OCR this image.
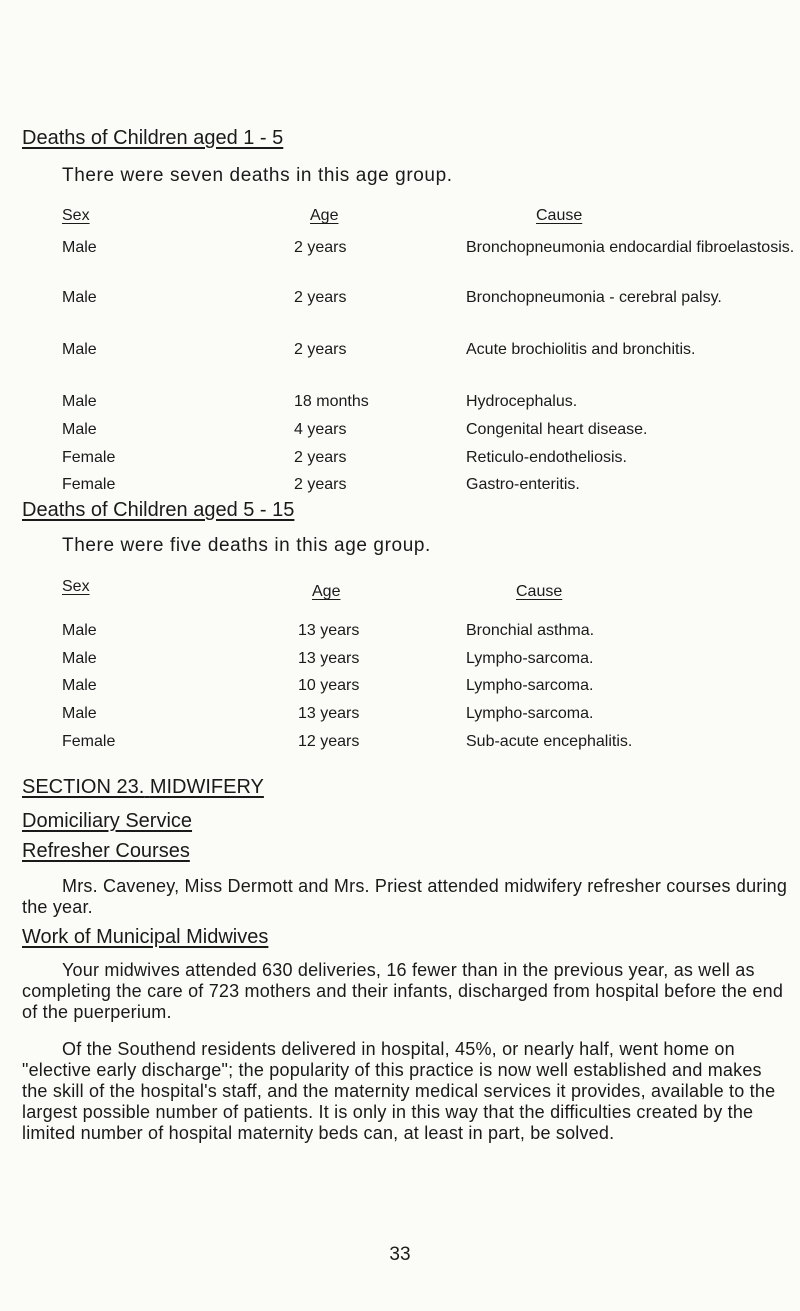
Deaths of Children aged 1 - 5
There were seven deaths in this age group.
Sex	Age	Cause
Male	2 years	Bronchopneumonia endocardial fibroelastosis.
Male	2 years	Bronchopneumonia - cerebral palsy.
Male	2 years	Acute brochiolitis and bronchitis.
Male	18 months	Hydrocephalus.
Male	4 years	Congenital heart disease.
Female	2 years	Reticulo-endotheliosis.
Female	2 years	Gastro-enteritis.
Deaths of Children aged 5 - 15
There were five deaths in this age group.
Sex	Age	Cause
Male	13 years	Bronchial asthma.
Male	13 years	Lympho-sarcoma.
Male	10 years	Lympho-sarcoma.
Male	13 years	Lympho-sarcoma.
Female	12 years	Sub-acute encephalitis.
SECTION 23. MIDWIFERY
Domiciliary Service
Refresher Courses
Mrs. Caveney, Miss Dermott and Mrs. Priest attended midwifery refresher courses during the year.
Work of Municipal Midwives
Your midwives attended 630 deliveries, 16 fewer than in the previous year, as well as completing the care of 723 mothers and their infants, discharged from hospital before the end of the puerperium.
Of the Southend residents delivered in hospital, 45%, or nearly half, went home on "elective early discharge"; the popularity of this practice is now well established and makes the skill of the hospital's staff, and the maternity medical services it provides, available to the largest possible number of patients. It is only in this way that the difficulties created by the limited number of hospital maternity beds can, at least in part, be solved.
33
